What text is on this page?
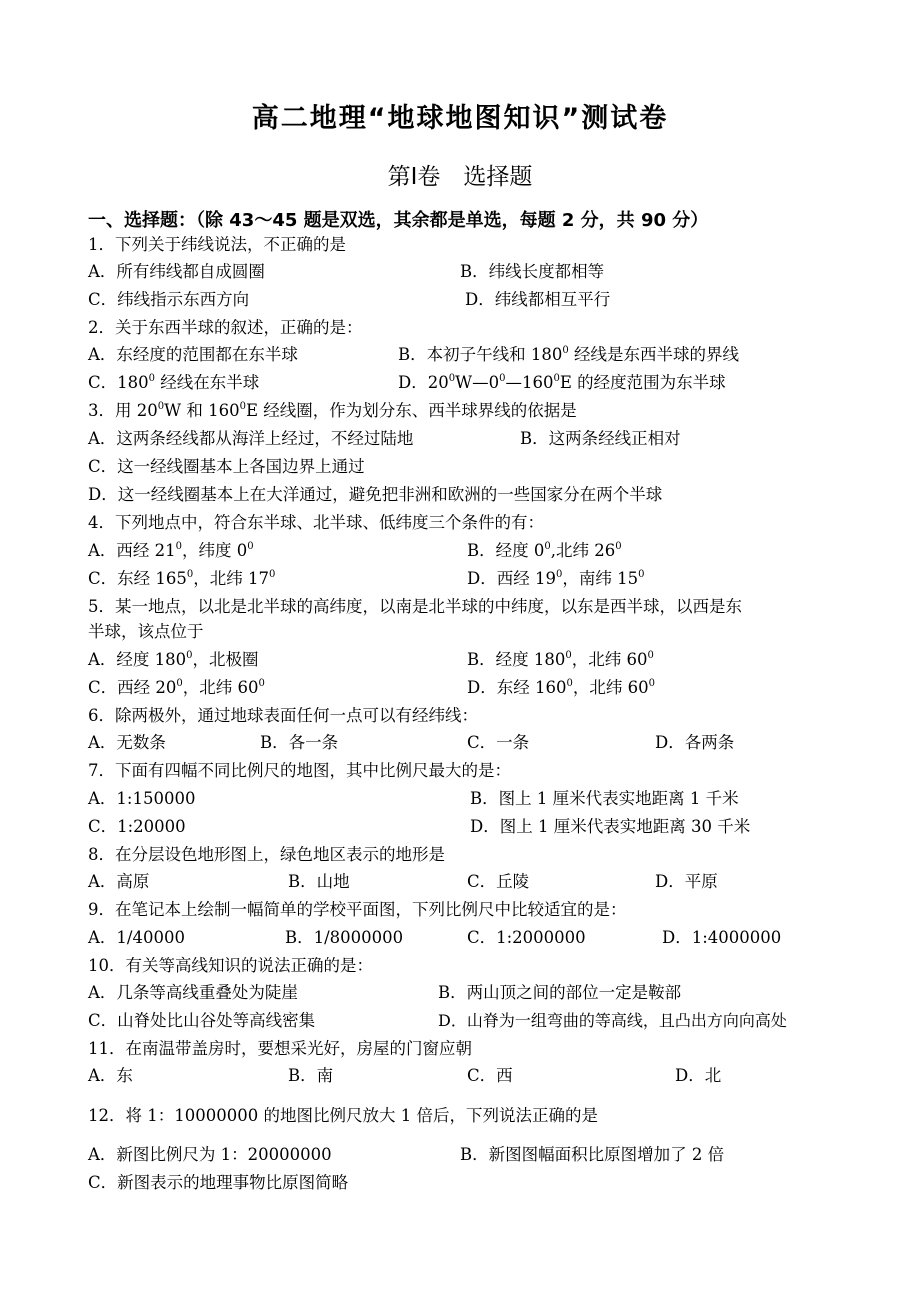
高二地理“地球地图知识”测试卷
第Ⅰ卷　选择题
一、选择题：（除 43～45 题是双选，其余都是单选，每题 2 分，共 90 分）
1．下列关于纬线说法，不正确的是
A．所有纬线都自成圆圈	B．纬线长度都相等
C．纬线指示东西方向	D．纬线都相互平行
2．关于东西半球的叙述，正确的是：
A．东经度的范围都在东半球	B．本初子午线和 $180^0$ 经线是东西半球的界线
C．$180^0$ 经线在东半球	D．$20^0W—0^0—160^0E$ 的经度范围为东半球
3．用 $20^0W$ 和 $160^0E$ 经线圈，作为划分东、西半球界线的依据是
A．这两条经线都从海洋上经过，不经过陆地	B．这两条经线正相对
C．这一经线圈基本上各国边界上通过
D．这一经线圈基本上在大洋通过，避免把非洲和欧洲的一些国家分在两个半球
4．下列地点中，符合东半球、北半球、低纬度三个条件的有：
A．西经 $21^0$，纬度 $0^0$	B．经度 $0^0$,北纬 $26^0$
C．东经 $165^0$，北纬 $17^0$	D．西经 $19^0$，南纬 $15^0$
5．某一地点，以北是北半球的高纬度，以南是北半球的中纬度，以东是西半球，以西是东
半球，该点位于
A．经度 $180^0$，北极圈	B．经度 $180^0$，北纬 $60^0$
C．西经 $20^0$，北纬 $60^0$	D．东经 $160^0$，北纬 $60^0$
6．除两极外，通过地球表面任何一点可以有经纬线：
A．无数条	B．各一条	C．一条	D．各两条
7．下面有四幅不同比例尺的地图，其中比例尺最大的是：
A．1:150000	B．图上 1 厘米代表实地距离 1 千米
C．1:20000	D．图上 1 厘米代表实地距离 30 千米
8．在分层设色地形图上，绿色地区表示的地形是
A．高原	B．山地	C．丘陵	D．平原
9．在笔记本上绘制一幅简单的学校平面图，下列比例尺中比较适宜的是：
A．1/40000	B．1/8000000	C．1:2000000	D．1:4000000
10．有关等高线知识的说法正确的是：
A．几条等高线重叠处为陡崖	B．两山顶之间的部位一定是鞍部
C．山脊处比山谷处等高线密集	D．山脊为一组弯曲的等高线，且凸出方向向高处
11．在南温带盖房时，要想采光好，房屋的门窗应朝
A．东	B．南	C．西	D．北
12．将 1：10000000 的地图比例尺放大 1 倍后，下列说法正确的是
A．新图比例尺为 1：20000000	B．新图图幅面积比原图增加了 2 倍
C．新图表示的地理事物比原图简略
